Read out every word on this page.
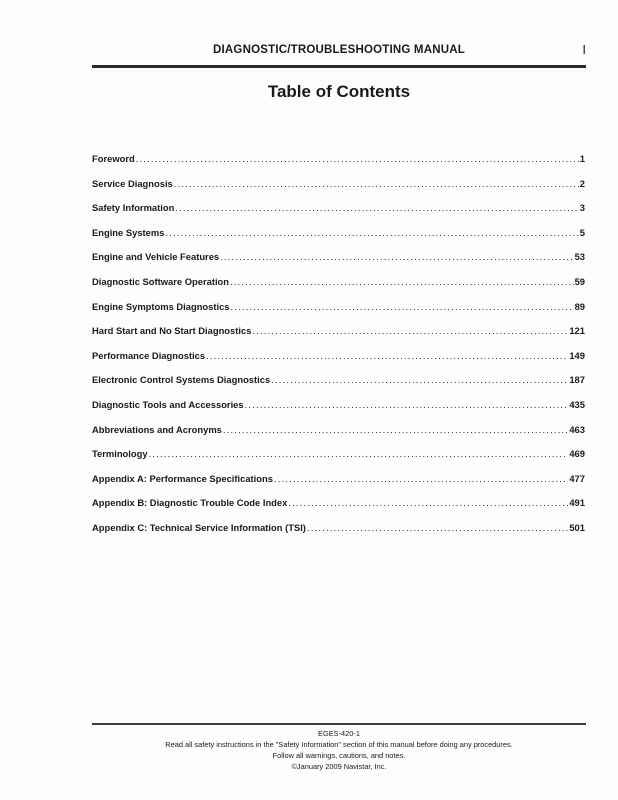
DIAGNOSTIC/TROUBLESHOOTING MANUAL	I
Table of Contents
Foreword .....	1
Service Diagnosis .....	2
Safety Information .....	3
Engine Systems .....	5
Engine and Vehicle Features .....	53
Diagnostic Software Operation .....	59
Engine Symptoms Diagnostics .....	89
Hard Start and No Start Diagnostics .....	121
Performance Diagnostics .....	149
Electronic Control Systems Diagnostics .....	187
Diagnostic Tools and Accessories .....	435
Abbreviations and Acronyms .....	463
Terminology .....	469
Appendix A: Performance Specifications .....	477
Appendix B: Diagnostic Trouble Code Index .....	491
Appendix C: Technical Service Information (TSI) .....	501
EGES-420-1
Read all safety instructions in the "Safety Information" section of this manual before doing any procedures.
Follow all warnings, cautions, and notes.
©January 2009 Navistar, Inc.
